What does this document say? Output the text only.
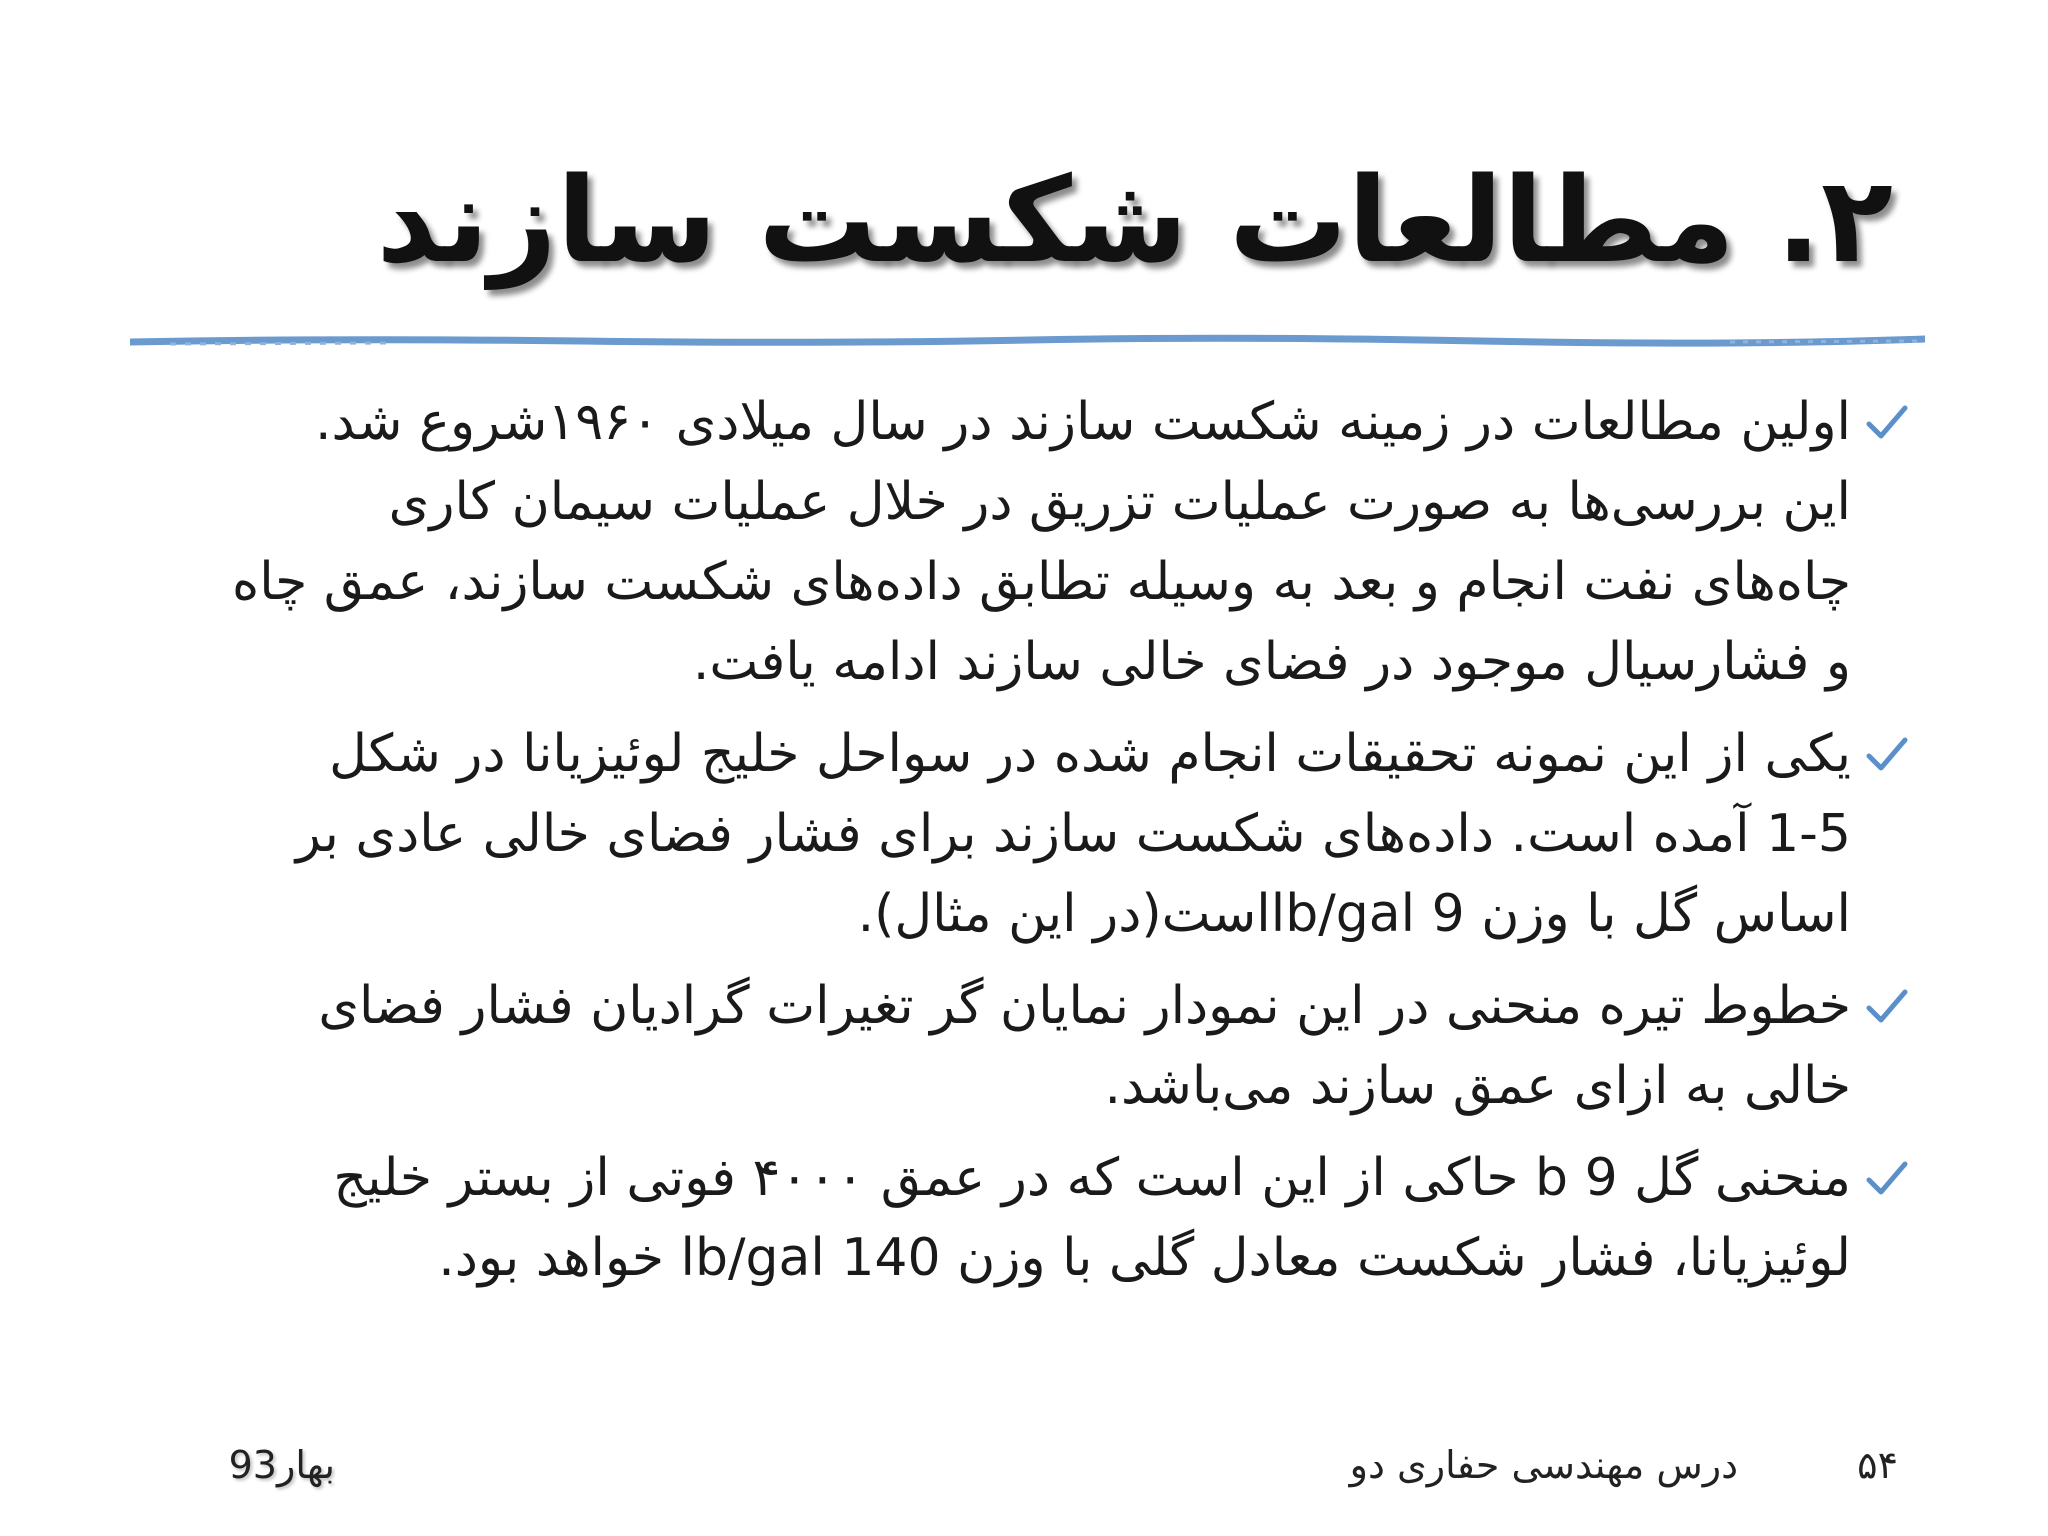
۲. مطالعات شکست سازند
اولین مطالعات در زمینه شکست سازند در سال میلادی ۱۹۶۰شروع شد.
این بررسی‌ها به صورت عملیات تزریق در خلال عملیات سیمان کاری
چاه‌های نفت انجام و بعد به وسیله تطابق داده‌های شکست سازند، عمق چاه
و فشارسیال موجود در فضای خالی سازند ادامه یافت.
یکی از این نمونه تحقیقات انجام شده در سواحل خلیج لوئیزیانا در شکل
1-5 آمده است. داده‌های شکست سازند برای فشار فضای خالی عادی بر
اساس گل با وزن 9 lb/galاست(در این مثال).
خطوط تیره منحنی در این نمودار نمایان گر تغیرات گرادیان فشار فضای
خالی به ازای عمق سازند می‌باشد.
منحنی گل 9 b حاکی از این است که در عمق ۴۰۰۰ فوتی از بستر خلیج
لوئیزیانا، فشار شکست معادل گلی با وزن 140 lb/gal خواهد بود.
۵۴
درس مهندسی حفاری دو
بهار93
